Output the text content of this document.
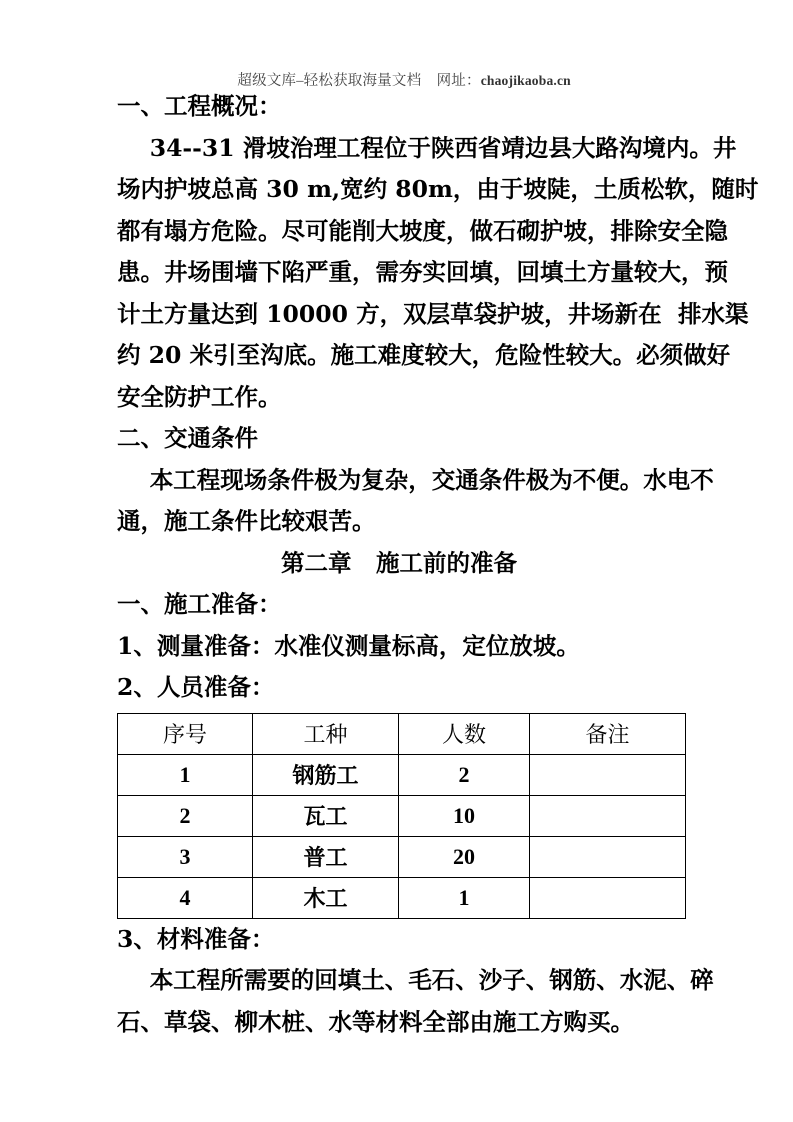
超级文库–轻松获取海量文档 网址：chaojikaoba.cn

一、工程概况：
34--31 滑坡治理工程位于陕西省靖边县大路沟境内。井
场内护坡总高 30 m,宽约 80m，由于坡陡，土质松软，随时
都有塌方危险。尽可能削大坡度，做石砌护坡，排除安全隐
患。井场围墙下陷严重，需夯实回填，回填土方量较大，预
计土方量达到 10000 方，双层草袋护坡，井场新在  排水渠
约 20 米引至沟底。施工难度较大，危险性较大。必须做好
安全防护工作。
二、交通条件
本工程现场条件极为复杂，交通条件极为不便。水电不
通，施工条件比较艰苦。
第二章   施工前的准备
一、施工准备：
1、测量准备：水准仪测量标高，定位放坡。
2、人员准备：
序号	工种	人数	备注
1	钢筋工	2	
2	瓦工	10	
3	普工	20	
4	木工	1	
3、材料准备：
本工程所需要的回填土、毛石、沙子、钢筋、水泥、碎
石、草袋、柳木桩、水等材料全部由施工方购买。
